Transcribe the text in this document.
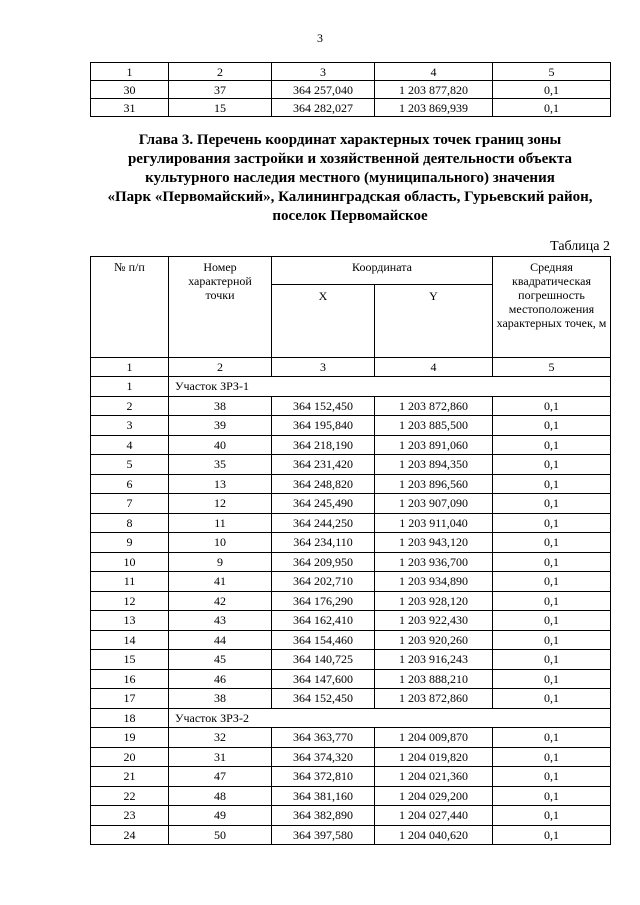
3
1	2	3	4	5
30	37	364 257,040	1 203 877,820	0,1
31	15	364 282,027	1 203 869,939	0,1
Глава 3. Перечень координат характерных точек границ зоны
регулирования застройки и хозяйственной деятельности объекта
культурного наследия местного (муниципального) значения
«Парк «Первомайский», Калининградская область, Гурьевский район,
поселок Первомайское
Таблица 2
№ п/п	Номер характерной точки	Координата		Средняя квадратическая погрешность местоположения характерных точек, м
		X	Y	
1	2	3	4	5
1	Участок ЗРЗ-1			
2	38	364 152,450	1 203 872,860	0,1
3	39	364 195,840	1 203 885,500	0,1
4	40	364 218,190	1 203 891,060	0,1
5	35	364 231,420	1 203 894,350	0,1
6	13	364 248,820	1 203 896,560	0,1
7	12	364 245,490	1 203 907,090	0,1
8	11	364 244,250	1 203 911,040	0,1
9	10	364 234,110	1 203 943,120	0,1
10	9	364 209,950	1 203 936,700	0,1
11	41	364 202,710	1 203 934,890	0,1
12	42	364 176,290	1 203 928,120	0,1
13	43	364 162,410	1 203 922,430	0,1
14	44	364 154,460	1 203 920,260	0,1
15	45	364 140,725	1 203 916,243	0,1
16	46	364 147,600	1 203 888,210	0,1
17	38	364 152,450	1 203 872,860	0,1
18	Участок ЗРЗ-2			
19	32	364 363,770	1 204 009,870	0,1
20	31	364 374,320	1 204 019,820	0,1
21	47	364 372,810	1 204 021,360	0,1
22	48	364 381,160	1 204 029,200	0,1
23	49	364 382,890	1 204 027,440	0,1
24	50	364 397,580	1 204 040,620	0,1
